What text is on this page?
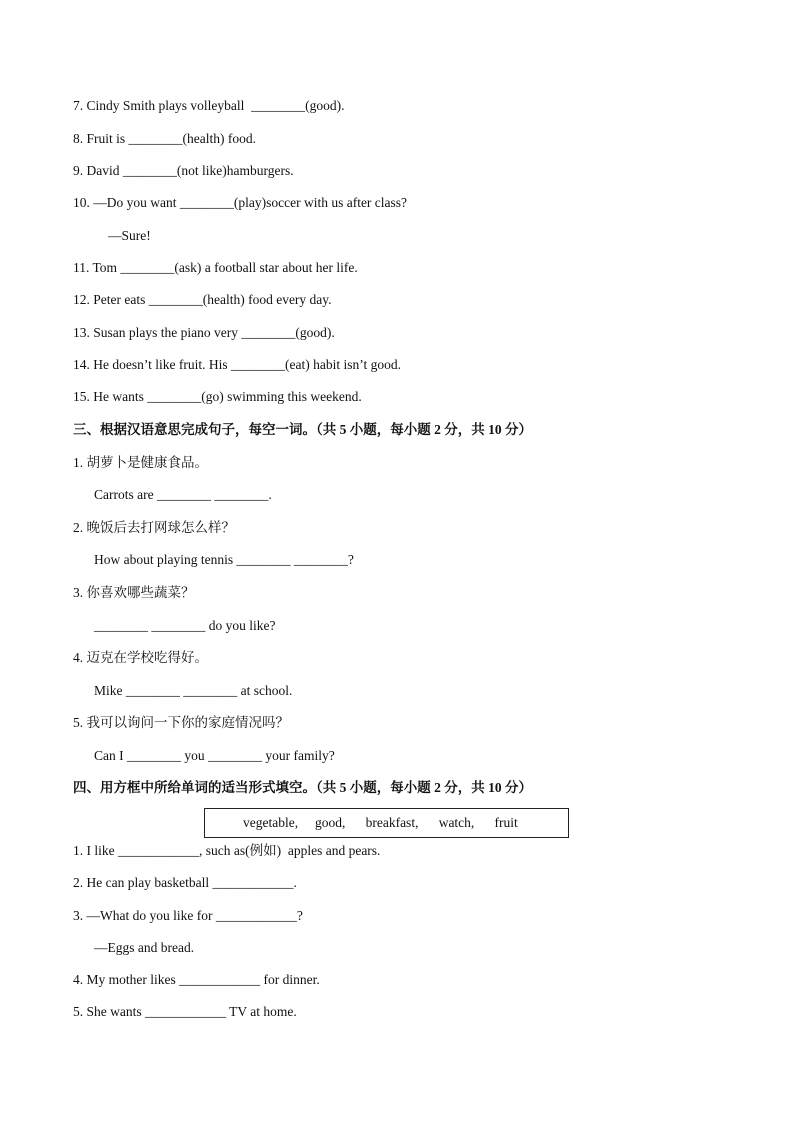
7. Cindy Smith plays volleyball  ________(good).

8. Fruit is ________(health) food.

9. David ________(not like)hamburgers.

10. —Do you want ________(play)soccer with us after class?

—Sure!

11. Tom ________(ask) a football star about her life.

12. Peter eats ________(health) food every day.

13. Susan plays the piano very ________(good).

14. He doesn’t like fruit. His ________(eat) habit isn’t good.

15. He wants ________(go) swimming this weekend.

三、根据汉语意思完成句子，每空一词。（共 5 小题，每小题 2 分，共 10 分）

1. 胡萝卜是健康食品。

Carrots are ________ ________.

2. 晚饭后去打网球怎么样？

How about playing tennis ________ ________?

3. 你喜欢哪些蔬菜？

________ ________ do you like?

4. 迈克在学校吃得好。

Mike ________ ________ at school.

5. 我可以询问一下你的家庭情况吗？

Can I ________ you ________ your family?

四、用方框中所给单词的适当形式填空。（共 5 小题，每小题 2 分，共 10 分）

vegetable,     good,      breakfast,      watch,      fruit

1. I like ____________, such as(例如)  apples and pears.

2. He can play basketball ____________.

3. —What do you like for ____________?

—Eggs and bread.

4. My mother likes ____________ for dinner.

5. She wants ____________ TV at home.
